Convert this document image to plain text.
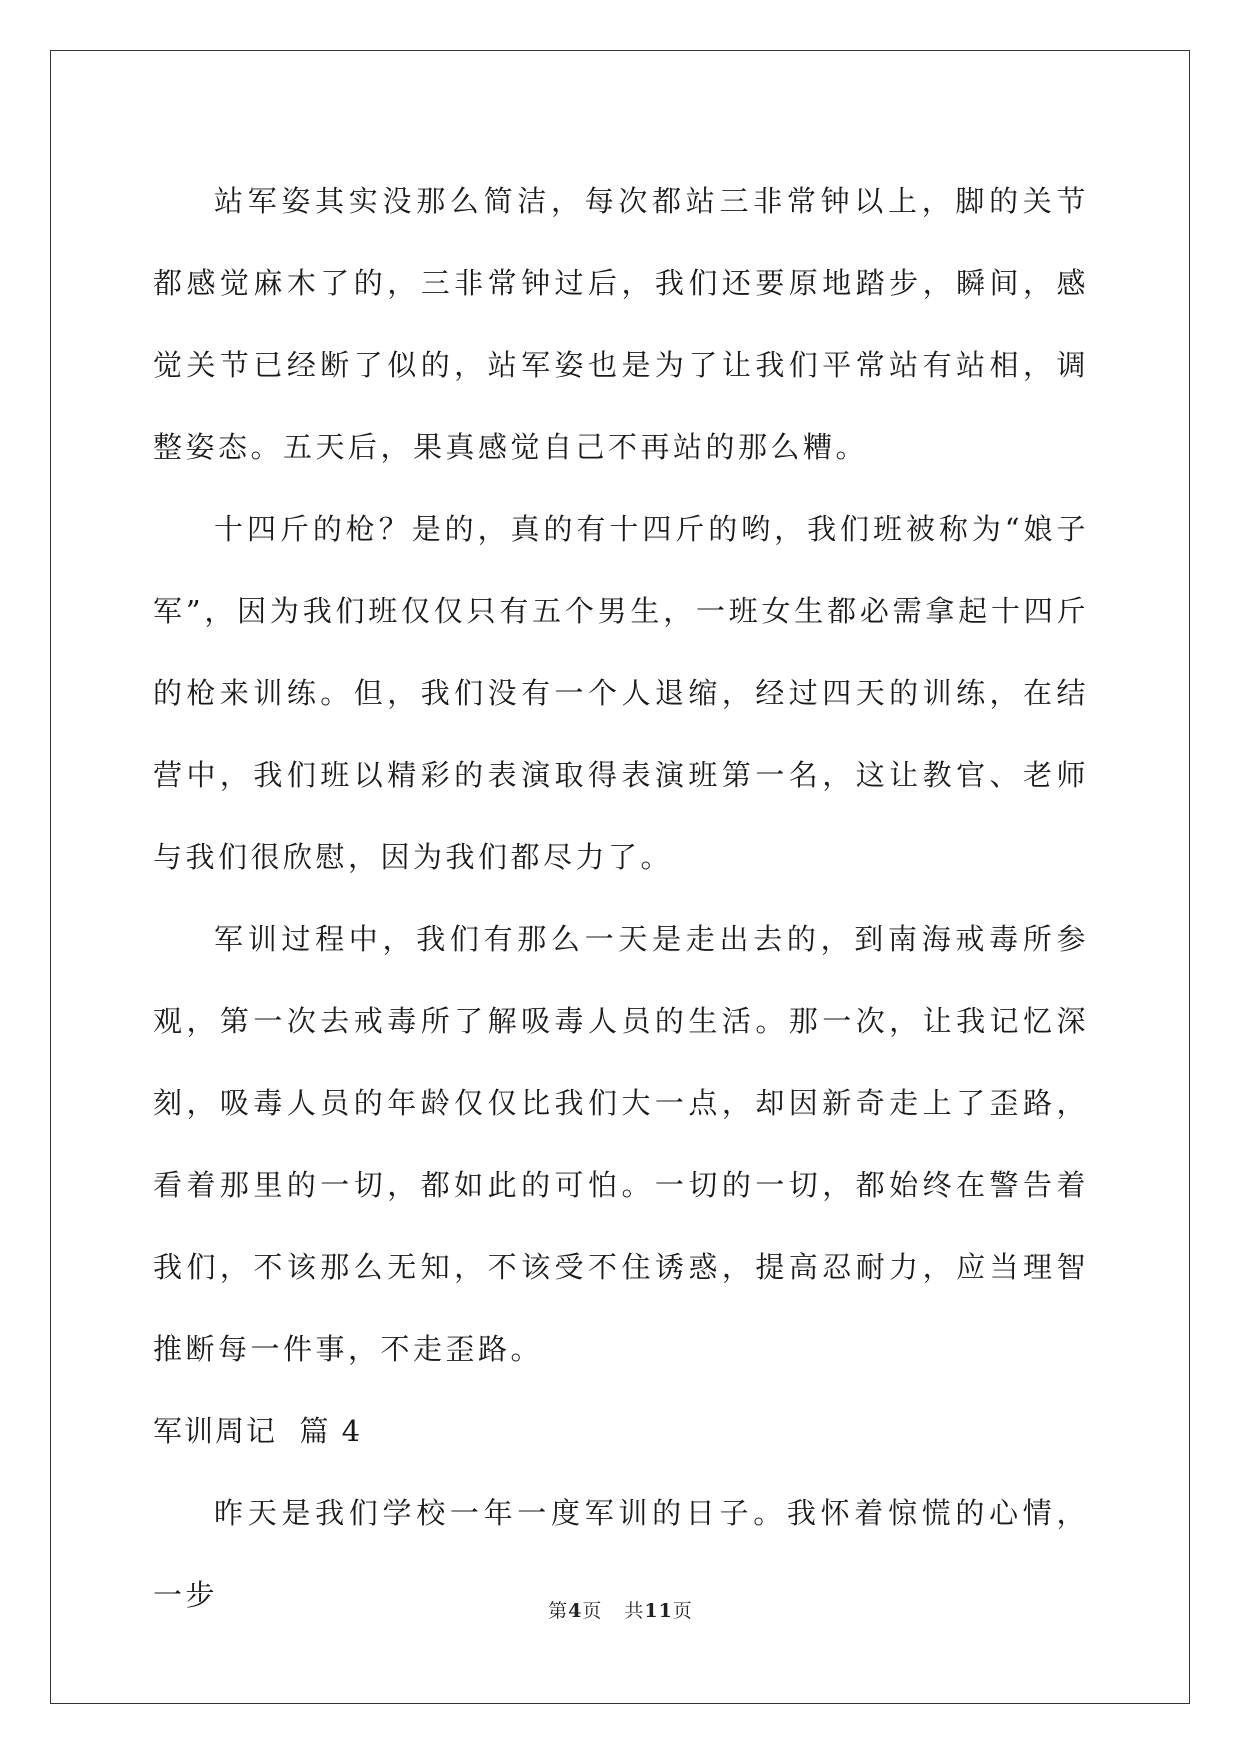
站军姿其实没那么简洁，每次都站三非常钟以上，脚的关节都感觉麻木了的，三非常钟过后，我们还要原地踏步，瞬间，感觉关节已经断了似的，站军姿也是为了让我们平常站有站相，调整姿态。五天后，果真感觉自己不再站的那么糟。

十四斤的枪？是的，真的有十四斤的哟，我们班被称为“娘子军”，因为我们班仅仅只有五个男生，一班女生都必需拿起十四斤的枪来训练。但，我们没有一个人退缩，经过四天的训练，在结营中，我们班以精彩的表演取得表演班第一名，这让教官、老师与我们很欣慰，因为我们都尽力了。

军训过程中，我们有那么一天是走出去的，到南海戒毒所参观，第一次去戒毒所了解吸毒人员的生活。那一次，让我记忆深刻，吸毒人员的年龄仅仅比我们大一点，却因新奇走上了歪路，看着那里的一切，都如此的可怕。一切的一切，都始终在警告着我们，不该那么无知，不该受不住诱惑，提高忍耐力，应当理智推断每一件事，不走歪路。

军训周记  篇 4

昨天是我们学校一年一度军训的日子。我怀着惊慌的心情，一步	第4页 共11页
